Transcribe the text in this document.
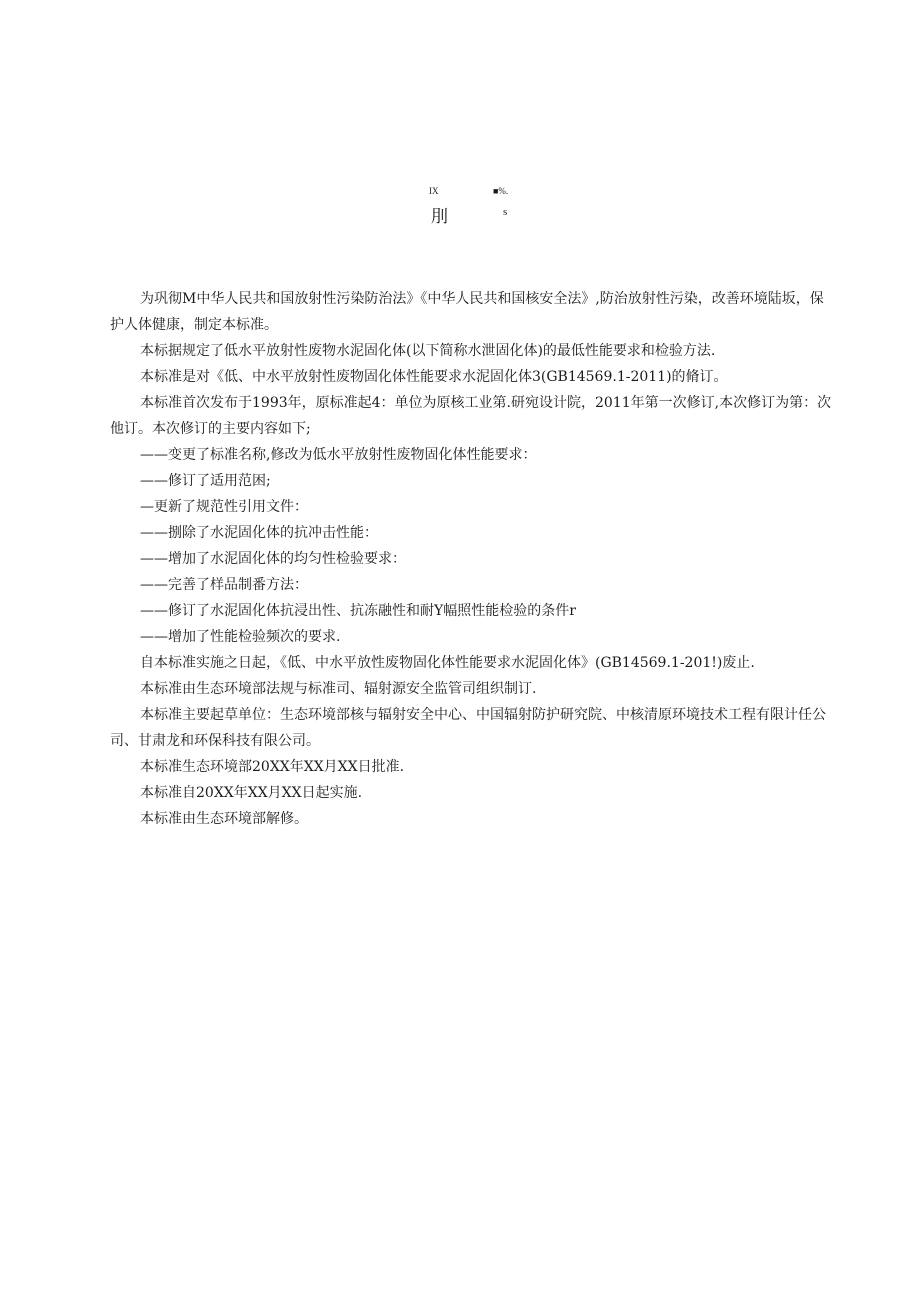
IX	■%.
刖	s

为巩彻M中华人民共和国放射性污染防治法》《中华人民共和国核安全法》,防治放射性污染，改善环境陆坂，保护人体健康，制定本标准。

本标据规定了低水平放射性废物水泥固化体(以下简称水泄固化体)的最低性能要求和检验方法.

本标准是对《低、中水平放射性废物固化体性能要求水泥固化体3(GB14569.1-2011)的脩订。

本标准首次发布于1993年，原标准起4：单位为原核工业第.研宛设计院，2011年第一次修订,本次修订为第：次他订。本次修订的主要内容如下;

——变更了标准名称,修改为低水平放射性废物固化体性能要求：

——修订了适用范困;

—更新了规范性引用文件：

——捌除了水泥固化体的抗冲击性能：

——增加了水泥固化体的均匀性检验要求：

——完善了样品制番方法：

——修订了水泥固化体抗浸出性、抗冻融性和耐Y幅照性能检验的条件r

——增加了性能检验频次的要求.

自本标准实施之日起，《低、中水平放性废物固化体性能要求水泥固化体》(GB14569.1-201!)废止.

本标准由生态环境部法规与标准司、辐射源安全监管司组织制订.

本标准主要起草单位：生态环境部核与辐射安全中心、中国辐射防护研究院、中核清原环境技术工程有限计任公司、甘肃龙和环保科技有限公司。

本标准生态环境部20XX年XX月XX日批准.

本标准自20XX年XX月XX日起实施.

本标准由生态环境部解修。
